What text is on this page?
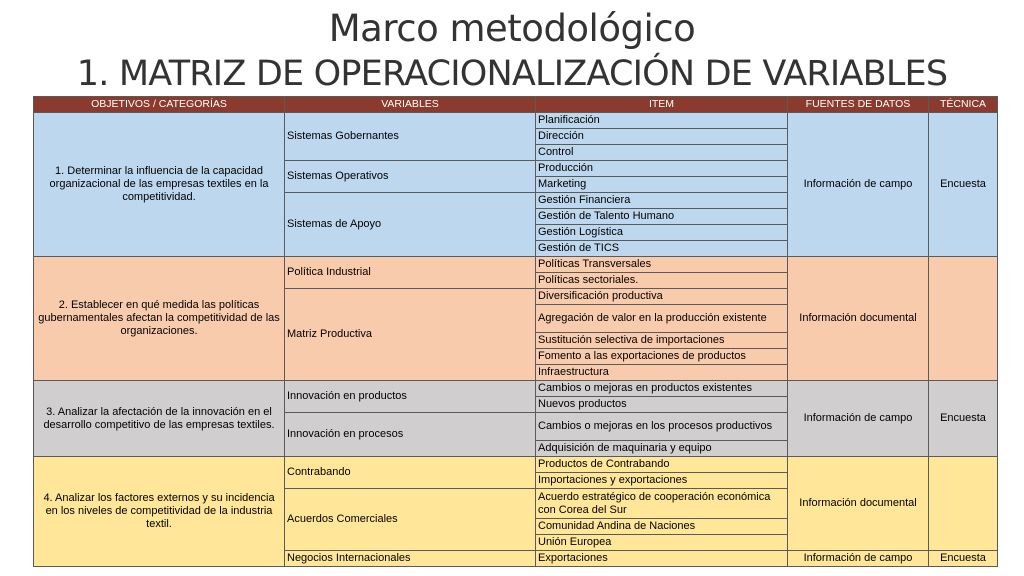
Marco metodológico
1. MATRIZ DE OPERACIONALIZACIÓN DE VARIABLES
OBJETIVOS / CATEGORÍAS	VARIABLES	ITEM	FUENTES DE DATOS	TÉCNICA
1. Determinar la influencia de la capacidad organizacional de las empresas textiles en la competitividad.	Sistemas Gobernantes	Planificación	Información de campo	Encuesta
		Dirección		
		Control		
	Sistemas Operativos	Producción		
		Marketing		
	Sistemas de Apoyo	Gestión Financiera		
		Gestión de Talento Humano		
		Gestión Logística		
		Gestión de TICS		
2. Establecer en qué medida las políticas gubernamentales afectan la competitividad de las organizaciones.	Política Industrial	Políticas Transversales	Información documental	
		Políticas sectoriales.		
	Matriz Productiva	Diversificación productiva		
		Agregación de valor en la producción existente		
		Sustitución selectiva de importaciones		
		Fomento a las exportaciones de productos		
		Infraestructura		
3. Analizar la afectación de la innovación en el desarrollo competitivo de las empresas textiles.	Innovación en productos	Cambios o mejoras en productos existentes	Información de campo	Encuesta
		Nuevos productos		
	Innovación en procesos	Cambios o mejoras en los procesos productivos		
		Adquisición de maquinaria y equipo		
4. Analizar los factores externos y su incidencia en los niveles de competitividad de la industria textil.	Contrabando	Productos de Contrabando	Información documental	
		Importaciones y exportaciones		
	Acuerdos Comerciales	Acuerdo estratégico de cooperación económica con Corea del Sur		
		Comunidad Andina de Naciones		
		Unión Europea		
	Negocios Internacionales	Exportaciones	Información de campo	Encuesta
